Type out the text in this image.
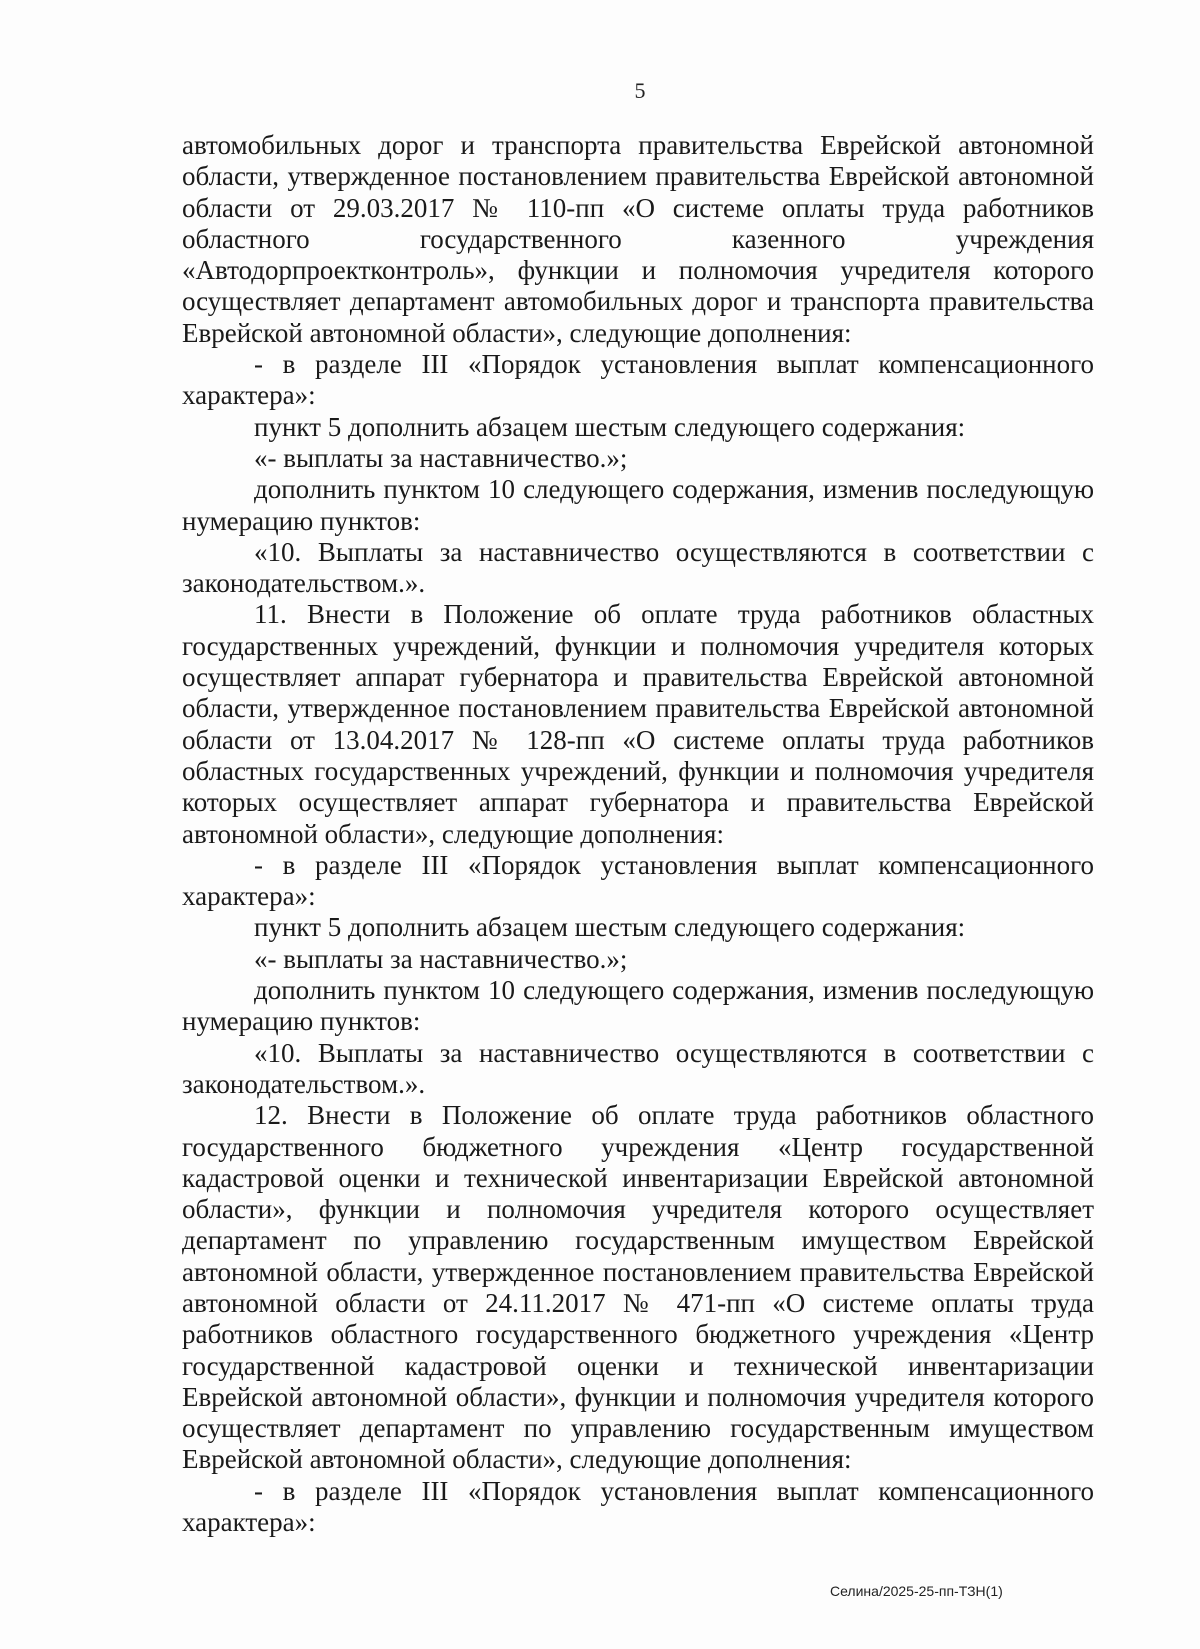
5

автомобильных дорог и транспорта правительства Еврейской автономной области, утвержденное постановлением правительства Еврейской автономной области от 29.03.2017 № 110-пп «О системе оплаты труда работников областного государственного казенного учреждения «Автодорпроектконтроль», функции и полномочия учредителя которого осуществляет департамент автомобильных дорог и транспорта правительства Еврейской автономной области», следующие дополнения:

- в разделе III «Порядок установления выплат компенсационного характера»:

пункт 5 дополнить абзацем шестым следующего содержания:

«- выплаты за наставничество.»;

дополнить пунктом 10 следующего содержания, изменив последующую нумерацию пунктов:

«10. Выплаты за наставничество осуществляются в соответствии с законодательством.».

11. Внести в Положение об оплате труда работников областных государственных учреждений, функции и полномочия учредителя которых осуществляет аппарат губернатора и правительства Еврейской автономной области, утвержденное постановлением правительства Еврейской автономной области от 13.04.2017 № 128-пп «О системе оплаты труда работников областных государственных учреждений, функции и полномочия учредителя которых осуществляет аппарат губернатора и правительства Еврейской автономной области», следующие дополнения:

- в разделе III «Порядок установления выплат компенсационного характера»:

пункт 5 дополнить абзацем шестым следующего содержания:

«- выплаты за наставничество.»;

дополнить пунктом 10 следующего содержания, изменив последующую нумерацию пунктов:

«10. Выплаты за наставничество осуществляются в соответствии с законодательством.».

12. Внести в Положение об оплате труда работников областного государственного бюджетного учреждения «Центр государственной кадастровой оценки и технической инвентаризации Еврейской автономной области», функции и полномочия учредителя которого осуществляет департамент по управлению государственным имуществом Еврейской автономной области, утвержденное постановлением правительства Еврейской автономной области от 24.11.2017 № 471-пп «О системе оплаты труда работников областного государственного бюджетного учреждения «Центр государственной кадастровой оценки и технической инвентаризации Еврейской автономной области», функции и полномочия учредителя которого осуществляет департамент по управлению государственным имуществом Еврейской автономной области», следующие дополнения:

- в разделе III «Порядок установления выплат компенсационного характера»:

Селина/2025-25-пп-ТЗН(1)
